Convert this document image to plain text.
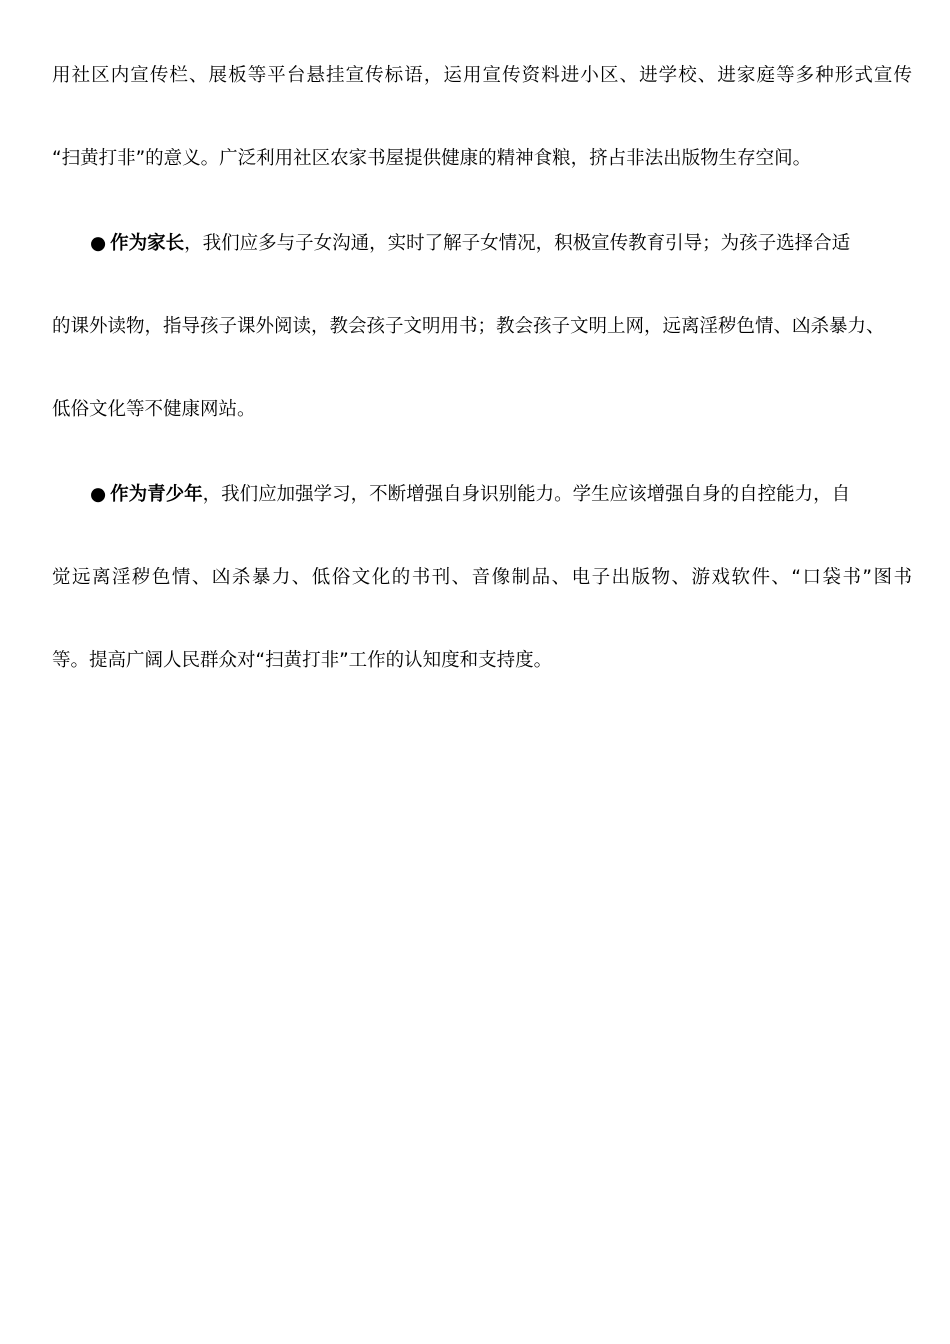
用社区内宣传栏、展板等平台悬挂宣传标语，运用宣传资料进小区、进学校、进家庭等多种形式宣传
“扫黄打非”的意义。广泛利用社区农家书屋提供健康的精神食粮，挤占非法出版物生存空间。
● 作为家长，我们应多与子女沟通，实时了解子女情况，积极宣传教育引导；为孩子选择合适
的课外读物，指导孩子课外阅读，教会孩子文明用书；教会孩子文明上网，远离淫秽色情、凶杀暴力、
低俗文化等不健康网站。
● 作为青少年，我们应加强学习，不断增强自身识别能力。学生应该增强自身的自控能力，自
觉远离淫秽色情、凶杀暴力、低俗文化的书刊、音像制品、电子出版物、游戏软件、“口袋书”图书
等。提高广阔人民群众对“扫黄打非”工作的认知度和支持度。
